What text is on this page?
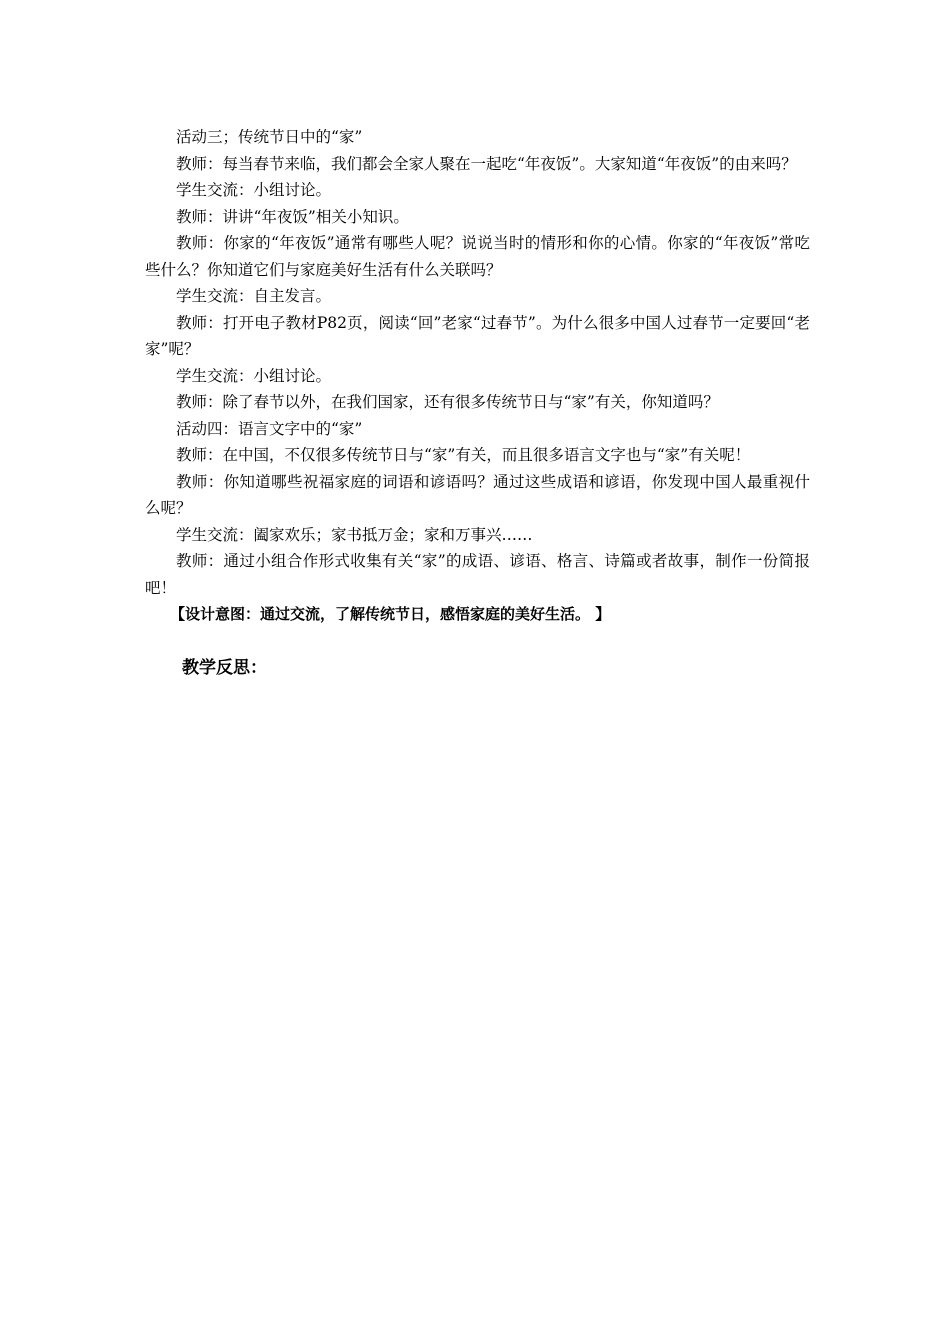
活动三；传统节日中的“家”

教师：每当春节来临，我们都会全家人聚在一起吃“年夜饭”。大家知道“年夜饭”的由来吗？

学生交流：小组讨论。

教师：讲讲“年夜饭”相关小知识。

教师：你家的“年夜饭”通常有哪些人呢？说说当时的情形和你的心情。你家的“年夜饭”常吃些什么？你知道它们与家庭美好生活有什么关联吗？

学生交流：自主发言。

教师：打开电子教材P82页，阅读“回”老家“过春节”。为什么很多中国人过春节一定要回“老家”呢？

学生交流：小组讨论。

教师：除了春节以外，在我们国家，还有很多传统节日与“家”有关，你知道吗？

活动四：语言文字中的“家”

教师：在中国，不仅很多传统节日与“家”有关，而且很多语言文字也与“家”有关呢！

教师：你知道哪些祝福家庭的词语和谚语吗？通过这些成语和谚语，你发现中国人最重视什么呢？

学生交流：阖家欢乐；家书抵万金；家和万事兴……

教师：通过小组合作形式收集有关“家”的成语、谚语、格言、诗篇或者故事，制作一份简报吧！

【设计意图：通过交流，了解传统节日，感悟家庭的美好生活。 】

教学反思：
